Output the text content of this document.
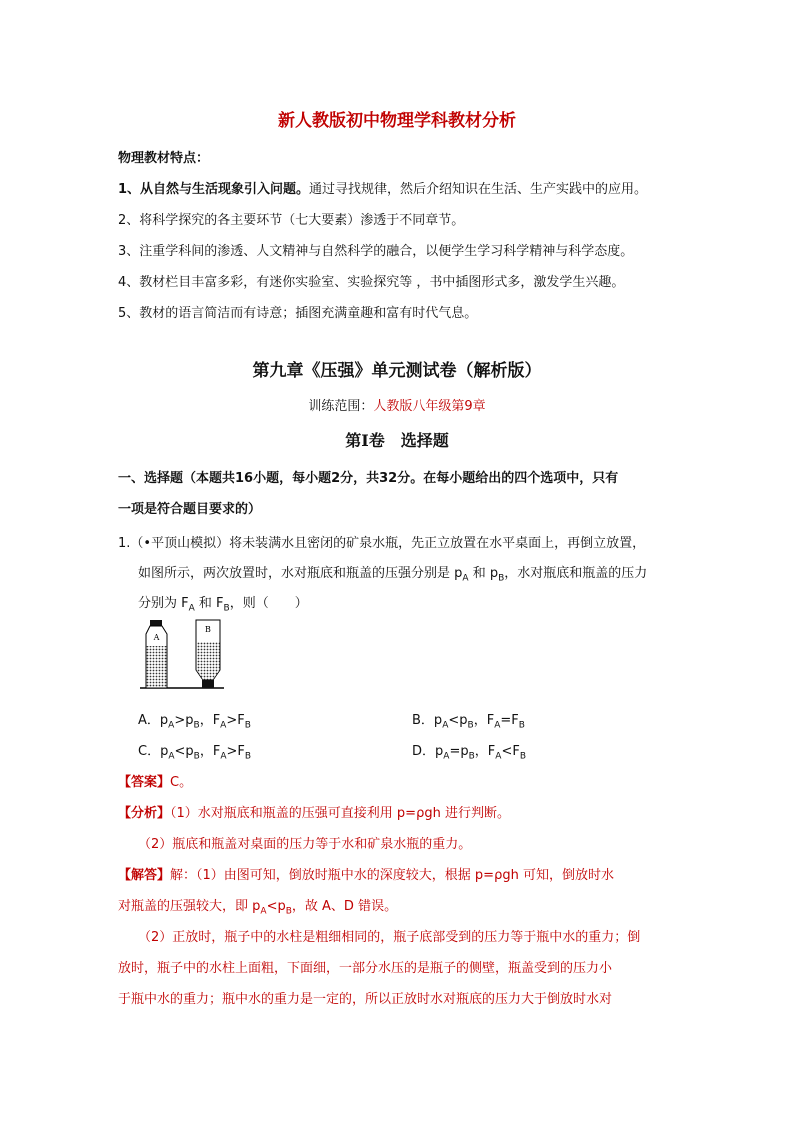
新人教版初中物理学科教材分析
物理教材特点：
1、从自然与生活现象引入问题。通过寻找规律，然后介绍知识在生活、生产实践中的应用。
2、将科学探究的各主要环节（七大要素）渗透于不同章节。
3、注重学科间的渗透、人文精神与自然科学的融合，以便学生学习科学精神与科学态度。
4、教材栏目丰富多彩，有迷你实验室、实验探究等 ，书中插图形式多，激发学生兴趣。
5、教材的语言简洁而有诗意；插图充满童趣和富有时代气息。
第九章《压强》单元测试卷（解析版）
训练范围：人教版八年级第9章
第Ⅰ卷　选择题
一、选择题（本题共16小题，每小题2分，共32分。在每小题给出的四个选项中，只有
一项是符合题目要求的）
1.（•平顶山模拟）将未装满水且密闭的矿泉水瓶，先正立放置在水平桌面上，再倒立放置，
如图所示，两次放置时，水对瓶底和瓶盖的压强分别是 $p_A$ 和 $p_B$，水对瓶底和瓶盖的压力
分别为 $F_A$ 和 $F_B$，则（　　）
A
B
A．$p_A>p_B$，$F_A>F_B$	B．$p_A<p_B$，$F_A=F_B$
C．$p_A<p_B$，$F_A>F_B$	D．$p_A=p_B$，$F_A<F_B$
【答案】C。
【分析】（1）水对瓶底和瓶盖的压强可直接利用 p=ρgh 进行判断。
（2）瓶底和瓶盖对桌面的压力等于水和矿泉水瓶的重力。
【解答】解：（1）由图可知，倒放时瓶中水的深度较大，根据 p=ρgh 可知，倒放时水
对瓶盖的压强较大，即 $p_A<p_B$，故 A、D 错误。
（2）正放时，瓶子中的水柱是粗细相同的，瓶子底部受到的压力等于瓶中水的重力；倒
放时，瓶子中的水柱上面粗，下面细，一部分水压的是瓶子的侧壁，瓶盖受到的压力小
于瓶中水的重力；瓶中水的重力是一定的，所以正放时水对瓶底的压力大于倒放时水对
